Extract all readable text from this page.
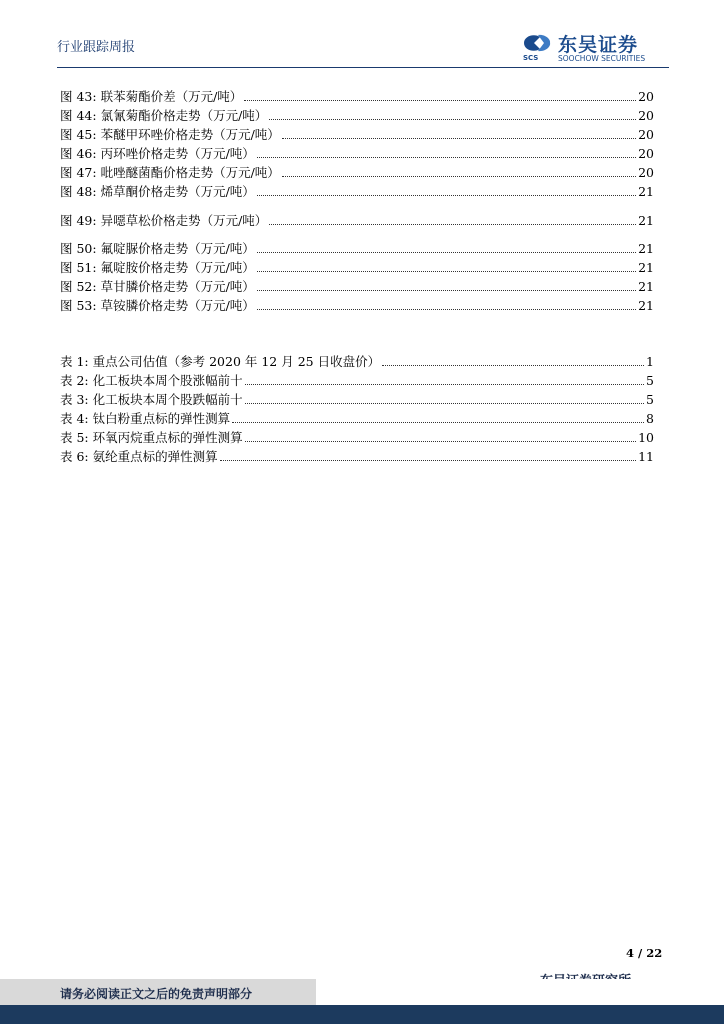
行业跟踪周报
SCS
东吴证券
SOOCHOW SECURITIES
图 43: 联苯菊酯价差（万元/吨）	20
图 44: 氯氰菊酯价格走势（万元/吨）	20
图 45: 苯醚甲环唑价格走势（万元/吨）	20
图 46: 丙环唑价格走势（万元/吨）	20
图 47: 吡唑醚菌酯价格走势（万元/吨）	20
图 48: 烯草酮价格走势（万元/吨）	21
图 49: 异噁草松价格走势（万元/吨）	21
图 50: 氟啶脲价格走势（万元/吨）	21
图 51: 氟啶胺价格走势（万元/吨）	21
图 52: 草甘膦价格走势（万元/吨）	21
图 53: 草铵膦价格走势（万元/吨）	21
表 1: 重点公司估值（参考 2020 年 12 月 25 日收盘价）	1
表 2: 化工板块本周个股涨幅前十	5
表 3: 化工板块本周个股跌幅前十	5
表 4: 钛白粉重点标的弹性测算	8
表 5: 环氧丙烷重点标的弹性测算	10
表 6: 氨纶重点标的弹性测算	11
4 / 22
请务必阅读正文之后的免责声明部分
